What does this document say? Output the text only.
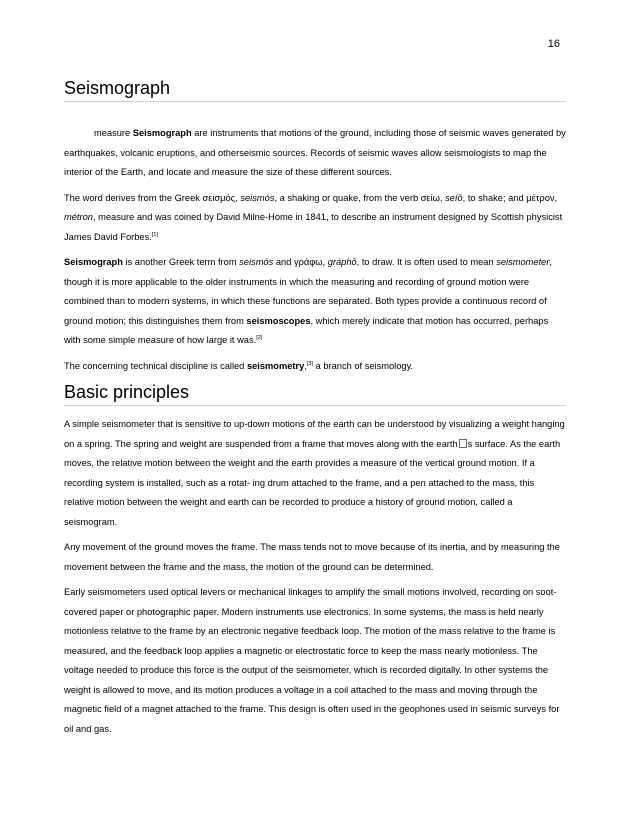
16
Seismograph

measure Seismograph are instruments that motions of the ground, including those of seismic waves generated by earthquakes, volcanic eruptions, and otherseismic sources. Records of seismic waves allow seismologists to map the interior of the Earth, and locate and measure the size of these different sources.

The word derives from the Greek σεισμός, seismós, a shaking or quake, from the verb σείω, seíō, to shake; and μέτρον, métron, measure and was coined by David Milne-Home in 1841, to describe an instrument designed by Scottish physicist James David Forbes.[1]

Seismograph is another Greek term from seismós and γράφω, gráphō, to draw. It is often used to mean seismometer, though it is more applicable to the older instruments in which the measuring and recording of ground motion were combined than to modern systems, in which these functions are separated. Both types provide a continuous record of ground motion; this distinguishes them from seismoscopes, which merely indicate that motion has occurred, perhaps with some simple measure of how large it was.[2]

The concerning technical discipline is called seismometry,[3] a branch of seismology.

Basic principles

A simple seismometer that is sensitive to up-down motions of the earth can be understood by visualizing a weight hanging on a spring. The spring and weight are suspended from a frame that moves along with the earth s surface. As the earth moves, the relative motion between the weight and the earth provides a measure of the vertical ground motion. If a recording system is installed, such as a rotat- ing drum attached to the frame, and a pen attached to the mass, this relative motion between the weight and earth can be recorded to produce a history of ground motion, called a seismogram.

Any movement of the ground moves the frame. The mass tends not to move because of its inertia, and by measuring the movement between the frame and the mass, the motion of the ground can be determined.

Early seismometers used optical levers or mechanical linkages to amplify the small motions involved, recording on soot-covered paper or photographic paper. Modern instruments use electronics. In some systems, the mass is held nearly motionless relative to the frame by an electronic negative feedback loop. The motion of the mass relative to the frame is measured, and the feedback loop applies a magnetic or electrostatic force to keep the mass nearly motionless. The voltage needed to produce this force is the output of the seismometer, which is recorded digitally. In other systems the weight is allowed to move, and its motion produces a voltage in a coil attached to the mass and moving through the magnetic field of a magnet attached to the frame. This design is often used in the geophones used in seismic surveys for oil and gas.
